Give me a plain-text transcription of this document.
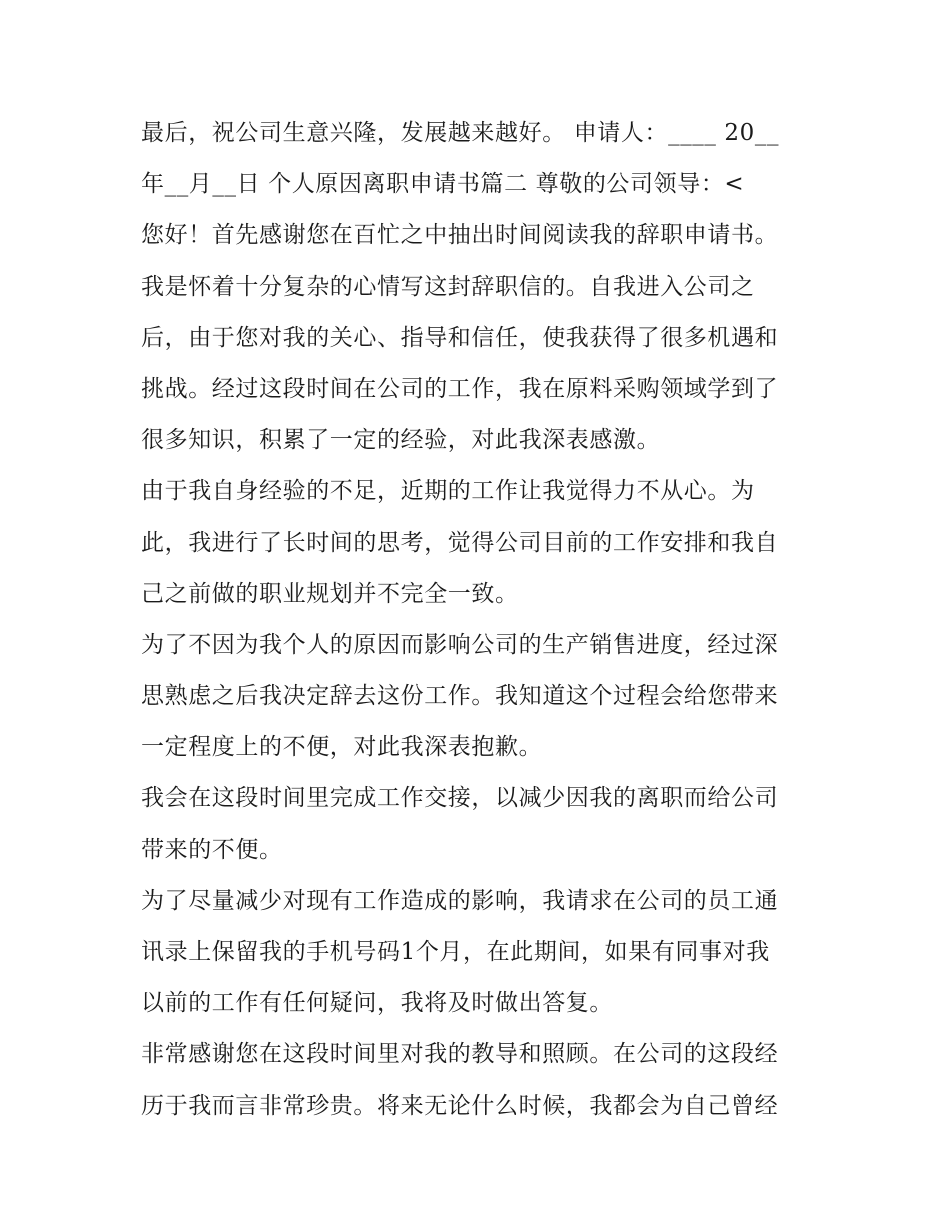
最后，祝公司生意兴隆，发展越来越好。 申请人：____ 20__
年__月__日 个人原因离职申请书篇二 尊敬的公司领导：<
您好！首先感谢您在百忙之中抽出时间阅读我的辞职申请书。
我是怀着十分复杂的心情写这封辞职信的。自我进入公司之
后，由于您对我的关心、指导和信任，使我获得了很多机遇和
挑战。经过这段时间在公司的工作，我在原料采购领域学到了
很多知识，积累了一定的经验，对此我深表感激。
由于我自身经验的不足，近期的工作让我觉得力不从心。为
此，我进行了长时间的思考，觉得公司目前的工作安排和我自
己之前做的职业规划并不完全一致。
为了不因为我个人的原因而影响公司的生产销售进度，经过深
思熟虑之后我决定辞去这份工作。我知道这个过程会给您带来
一定程度上的不便，对此我深表抱歉。
我会在这段时间里完成工作交接，以减少因我的离职而给公司
带来的不便。
为了尽量减少对现有工作造成的影响，我请求在公司的员工通
讯录上保留我的手机号码1个月，在此期间，如果有同事对我
以前的工作有任何疑问，我将及时做出答复。
非常感谢您在这段时间里对我的教导和照顾。在公司的这段经
历于我而言非常珍贵。将来无论什么时候，我都会为自己曾经
